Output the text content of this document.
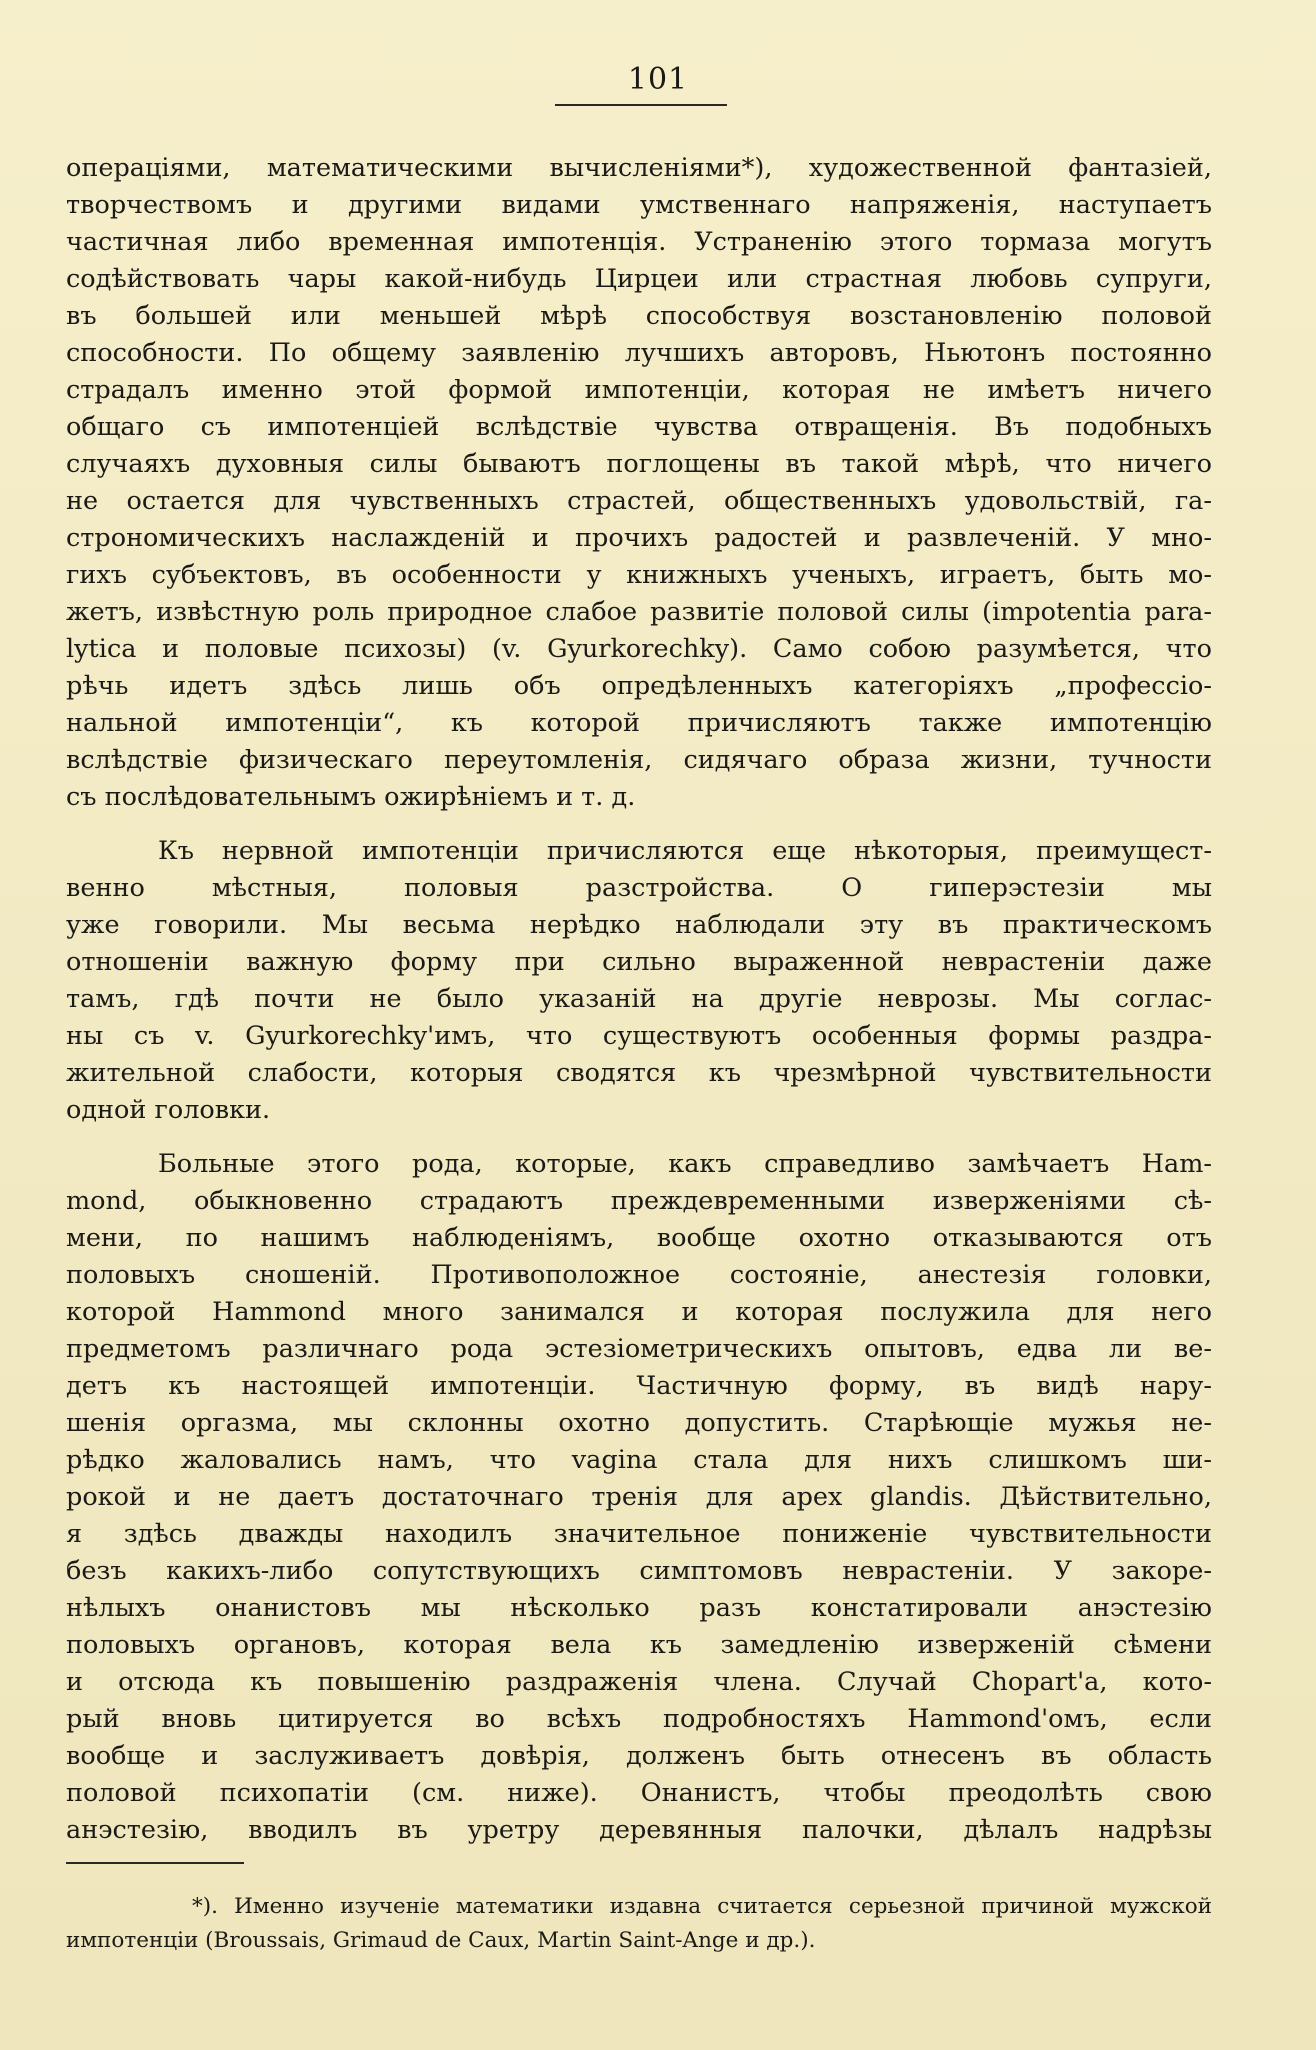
101
операціями, математическими вычисленіями*), художественной фантазіей,
творчествомъ и другими видами умственнаго напряженія, наступаетъ
частичная либо временная импотенція. Устраненію этого тормаза могутъ
содѣйствовать чары какой-нибудь Цирцеи или страстная любовь супруги,
въ большей или меньшей мѣрѣ способствуя возстановленію половой
способности. По общему заявленію лучшихъ авторовъ, Ньютонъ постоянно
страдалъ именно этой формой импотенціи, которая не имѣетъ ничего
общаго съ импотенціей вслѣдствіе чувства отвращенія. Въ подобныхъ
случаяхъ духовныя силы бываютъ поглощены въ такой мѣрѣ, что ничего
не остается для чувственныхъ страстей, общественныхъ удовольствій, га-
строномическихъ наслажденій и прочихъ радостей и развлеченій. У мно-
гихъ субъектовъ, въ особенности у книжныхъ ученыхъ, играетъ, быть мо-
жетъ, извѣстную роль природное слабое развитіе половой силы (impotentia para-
lytica и половые психозы) (v. Gyurkorechky). Само собою разумѣется, что
рѣчь идетъ здѣсь лишь объ опредѣленныхъ категоріяхъ „профессіо-
нальной импотенціи“, къ которой причисляютъ также импотенцію
вслѣдствіе физическаго переутомленія, сидячаго образа жизни, тучности
съ послѣдовательнымъ ожирѣніемъ и т. д.
Къ нервной импотенціи причисляются еще нѣкоторыя, преимущест-
венно мѣстныя, половыя разстройства. О гиперэстезіи мы
уже говорили. Мы весьма нерѣдко наблюдали эту въ практическомъ
отношеніи важную форму при сильно выраженной неврастеніи даже
тамъ, гдѣ почти не было указаній на другіе неврозы. Мы соглас-
ны съ v. Gyurkorechky'имъ, что существуютъ особенныя формы раздра-
жительной слабости, которыя сводятся къ чрезмѣрной чувствительности
одной головки.
Больные этого рода, которые, какъ справедливо замѣчаетъ Ham-
mond, обыкновенно страдаютъ преждевременными изверженіями сѣ-
мени, по нашимъ наблюденіямъ, вообще охотно отказываются отъ
половыхъ сношеній. Противоположное состояніе, анестезія головки,
которой Hammond много занимался и которая послужила для него
предметомъ различнаго рода эстезіометрическихъ опытовъ, едва ли ве-
детъ къ настоящей импотенціи. Частичную форму, въ видѣ нару-
шенія оргазма, мы склонны охотно допустить. Старѣющіе мужья не-
рѣдко жаловались намъ, что vagina стала для нихъ слишкомъ ши-
рокой и не даетъ достаточнаго тренія для apex glandis. Дѣйствительно,
я здѣсь дважды находилъ значительное пониженіе чувствительности
безъ какихъ-либо сопутствующихъ симптомовъ неврастеніи. У закоре-
нѣлыхъ онанистовъ мы нѣсколько разъ констатировали анэстезію
половыхъ органовъ, которая вела къ замедленію изверженій сѣмени
и отсюда къ повышенію раздраженія члена. Случай Chopart'а, кото-
рый вновь цитируется во всѣхъ подробностяхъ Hammond'омъ, если
вообще и заслуживаетъ довѣрія, долженъ быть отнесенъ въ область
половой психопатіи (см. ниже). Онанистъ, чтобы преодолѣть свою
анэстезію, вводилъ въ уретру деревянныя палочки, дѣлалъ надрѣзы
*). Именно изученіе математики издавна считается серьезной причиной мужской
импотенціи (Broussais, Grimaud de Caux, Martin Saint-Ange и др.).
